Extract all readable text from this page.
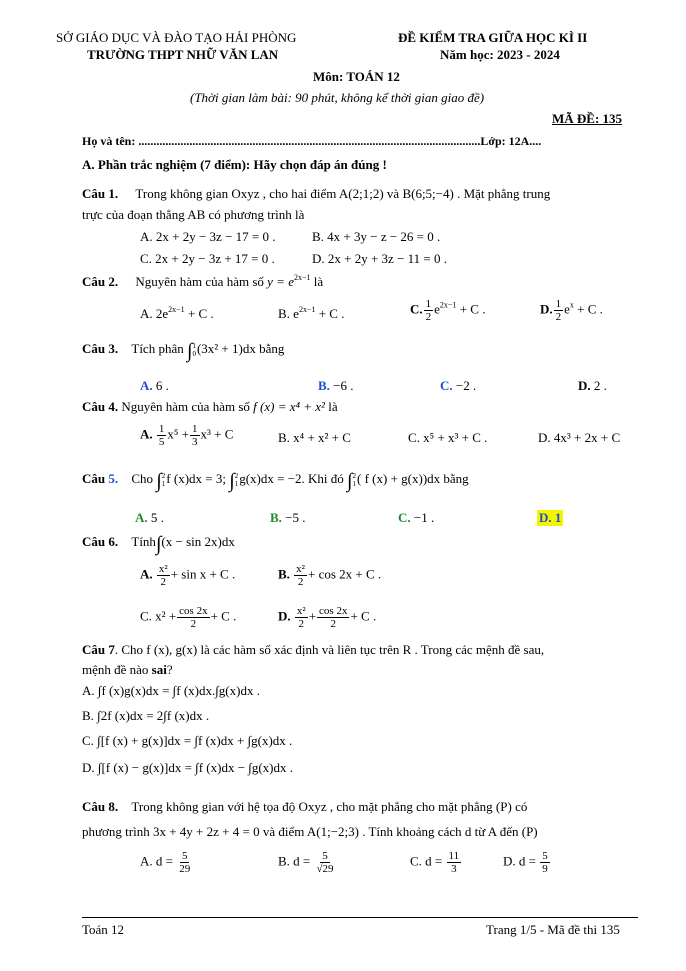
SỞ GIÁO DỤC VÀ ĐÀO TẠO HẢI PHÒNG
TRƯỜNG THPT NHỮ VĂN LAN
ĐỀ KIỂM TRA GIỮA HỌC KÌ II
Năm học: 2023 - 2024
Môn: TOÁN 12
(Thời gian làm bài: 90 phút, không kể thời gian giao đề)
MÃ ĐỀ: 135
Họ và tên: ..................................................................................................................Lớp: 12A....
A. Phần trắc nghiệm (7 điểm): Hãy chọn đáp án đúng !
Câu 1. Trong không gian Oxyz , cho hai điểm A(2;1;2) và B(6;5;−4) . Mặt phẳng trung
trực của đoạn thẳng AB có phương trình là
A. 2x + 2y − 3z − 17 = 0 .	B. 4x + 3y − z − 26 = 0 .
C. 2x + 2y − 3z + 17 = 0 .	D. 2x + 2y + 3z − 11 = 0 .
Câu 2. Nguyên hàm của hàm số $y = e^{2x-1}$ là
A. $2e^{2x-1} + C$ .	B. $e^{2x-1} + C$ .	C. $\frac{1}{2} e^{2x-1} + C$ .	D. $\frac{1}{2} e^x + C$ .
Câu 3. Tích phân ∫ 1
0 (3x² + 1)dx bằng
A. 6 .	B. −6 .	C. −2 .	D. 2 .
Câu 4. Nguyên hàm của hàm số f (x) = x⁴ + x² là
A. $\frac{1}{5} x^5 + \frac{1}{3} x^3 + C$	B. x⁴ + x² + C	C. x⁵ + x³ + C .	D. 4x³ + 2x + C
Câu 5. Cho ∫ 2
1 f (x)dx = 3; ∫ 2
1 g(x)dx = −2. Khi đó ∫ 2
1 ( f (x) + g(x))dx bằng
A. 5 .	B. −5 .	C. −1 .	D. 1
Câu 6. Tính∫(x − sin 2x)dx
A. $\frac{\text{x²}}{2} + \sin x + C$ .	B. $\frac{\text{x²}}{2} + \cos 2x + C$ .
C. $x^2 + \frac{\cos 2x}{2} + C$ .	D. $\frac{\text{x²}}{2} + \frac{\cos 2x}{2} + C$ .
Câu 7. Cho f (x), g(x) là các hàm số xác định và liên tục trên R . Trong các mệnh đề sau,
mệnh đề nào sai?
A. ∫f (x)g(x)dx = ∫f (x)dx.∫g(x)dx .
B. ∫2f (x)dx = 2∫f (x)dx .
C. ∫[f (x) + g(x)]dx = ∫f (x)dx + ∫g(x)dx .
D. ∫[f (x) − g(x)]dx = ∫f (x)dx − ∫g(x)dx .
Câu 8. Trong không gian với hệ tọa độ Oxyz , cho mặt phẳng cho mặt phẳng (P) có
phương trình 3x + 4y + 2z + 4 = 0 và điểm A(1;−2;3) . Tính khoảng cách d từ A đến (P)
A. $d = \frac{5}{29}$	B. $d = \frac{5}{√29}$	C. $d = \frac{11}{3}$	D. $d = \frac{5}{9}$
Toán 12	Trang 1/5 - Mã đề thi 135
